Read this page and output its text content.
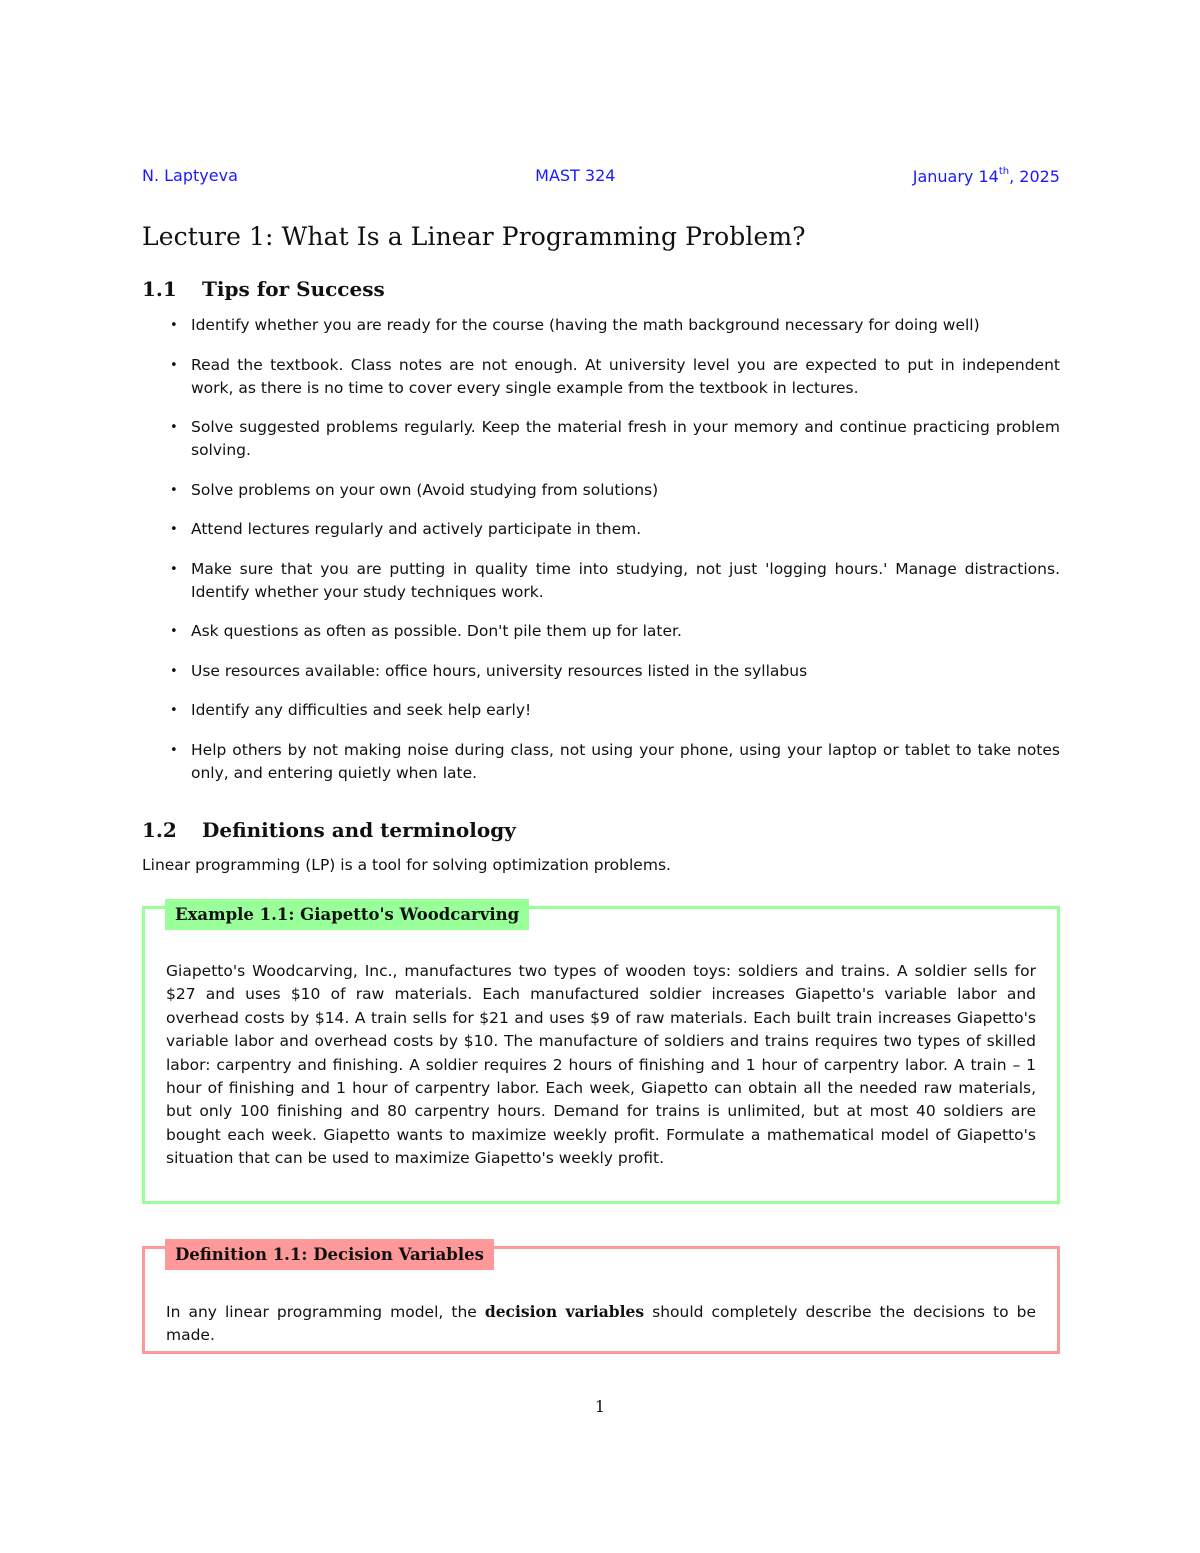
N. Laptyeva	MAST 324	January 14th, 2025
Lecture 1: What Is a Linear Programming Problem?
1.1 Tips for Success
• Identify whether you are ready for the course (having the math background necessary for doing well)
• Read the textbook. Class notes are not enough. At university level you are expected to put in independent work, as there is no time to cover every single example from the textbook in lectures.
• Solve suggested problems regularly. Keep the material fresh in your memory and continue practicing problem solving.
• Solve problems on your own (Avoid studying from solutions)
• Attend lectures regularly and actively participate in them.
• Make sure that you are putting in quality time into studying, not just 'logging hours.' Manage distractions. Identify whether your study techniques work.
• Ask questions as often as possible. Don't pile them up for later.
• Use resources available: office hours, university resources listed in the syllabus
• Identify any difficulties and seek help early!
• Help others by not making noise during class, not using your phone, using your laptop or tablet to take notes only, and entering quietly when late.
1.2 Definitions and terminology
Linear programming (LP) is a tool for solving optimization problems.
Example 1.1: Giapetto's Woodcarving
Giapetto's Woodcarving, Inc., manufactures two types of wooden toys: soldiers and trains. A soldier sells for $27 and uses $10 of raw materials. Each manufactured soldier increases Giapetto's variable labor and overhead costs by $14. A train sells for $21 and uses $9 of raw materials. Each built train increases Giapetto's variable labor and overhead costs by $10. The manufacture of soldiers and trains requires two types of skilled labor: carpentry and finishing. A soldier requires 2 hours of finishing and 1 hour of carpentry labor. A train – 1 hour of finishing and 1 hour of carpentry labor. Each week, Giapetto can obtain all the needed raw materials, but only 100 finishing and 80 carpentry hours. Demand for trains is unlimited, but at most 40 soldiers are bought each week. Giapetto wants to maximize weekly profit. Formulate a mathematical model of Giapetto's situation that can be used to maximize Giapetto's weekly profit.
Definition 1.1: Decision Variables
In any linear programming model, the decision variables should completely describe the decisions to be made.
1
